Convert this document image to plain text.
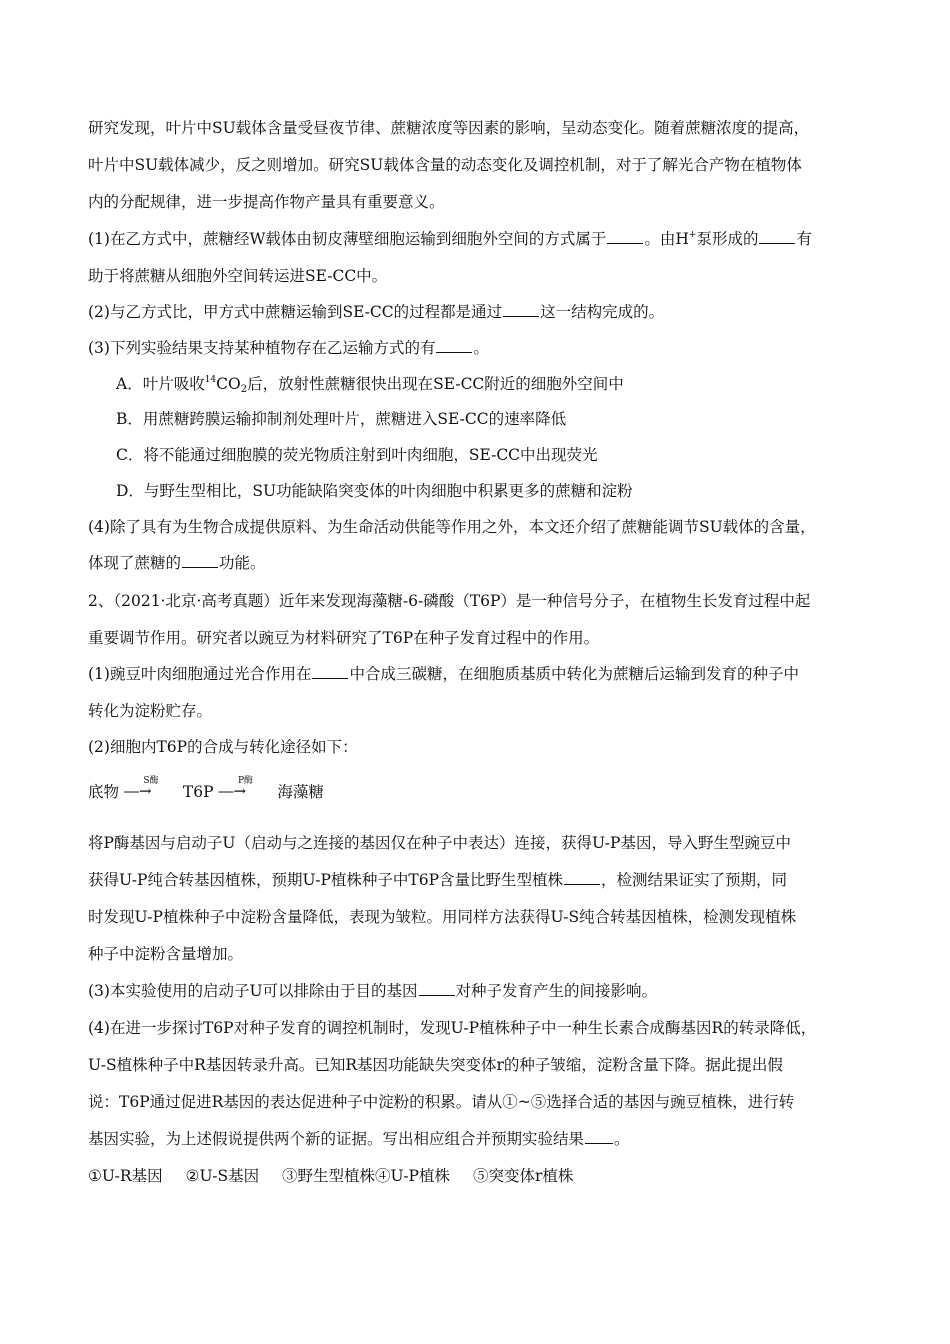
研究发现，叶片中SU载体含量受昼夜节律、蔗糖浓度等因素的影响，呈动态变化。随着蔗糖浓度的提高，
叶片中SU载体减少，反之则增加。研究SU载体含量的动态变化及调控机制，对于了解光合产物在植物体
内的分配规律，进一步提高作物产量具有重要意义。
(1)在乙方式中，蔗糖经W载体由韧皮薄壁细胞运输到细胞外空间的方式属于 。由H+泵形成的 有
助于将蔗糖从细胞外空间转运进SE-CC中。
(2)与乙方式比，甲方式中蔗糖运输到SE-CC的过程都是通过 这一结构完成的。
(3)下列实验结果支持某种植物存在乙运输方式的有 。
A．叶片吸收$^{14}CO_2$后，放射性蔗糖很快出现在SE-CC附近的细胞外空间中
B．用蔗糖跨膜运输抑制剂处理叶片，蔗糖进入SE-CC的速率降低
C．将不能通过细胞膜的荧光物质注射到叶肉细胞，SE-CC中出现荧光
D．与野生型相比，SU功能缺陷突变体的叶肉细胞中积累更多的蔗糖和淀粉
(4)除了具有为生物合成提供原料、为生命活动供能等作用之外，本文还介绍了蔗糖能调节SU载体的含量，
体现了蔗糖的 功能。
2、（2021·北京·高考真题）近年来发现海藻糖-6-磷酸（T6P）是一种信号分子，在植物生长发育过程中起
重要调节作用。研究者以豌豆为材料研究了T6P在种子发育过程中的作用。
(1)豌豆叶肉细胞通过光合作用在 中合成三碳糖，在细胞质基质中转化为蔗糖后运输到发育的种子中
转化为淀粉贮存。
(2)细胞内T6P的合成与转化途径如下：
底物
S酶
―→ T6P
P酶
―→ 海藻糖
将P酶基因与启动子U（启动与之连接的基因仅在种子中表达）连接，获得U-P基因，导入野生型豌豆中
获得U-P纯合转基因植株，预期U-P植株种子中T6P含量比野生型植株 ，检测结果证实了预期，同
时发现U-P植株种子中淀粉含量降低，表现为皱粒。用同样方法获得U-S纯合转基因植株，检测发现植株
种子中淀粉含量增加。
(3)本实验使用的启动子U可以排除由于目的基因 对种子发育产生的间接影响。
(4)在进一步探讨T6P对种子发育的调控机制时，发现U-P植株种子中一种生长素合成酶基因R的转录降低，
U-S植株种子中R基因转录升高。已知R基因功能缺失突变体r的种子皱缩，淀粉含量下降。据此提出假
说：T6P通过促进R基因的表达促进种子中淀粉的积累。请从①~⑤选择合适的基因与豌豆植株，进行转
基因实验，为上述假说提供两个新的证据。写出相应组合并预期实验结果 。
①U-R基因 ②U-S基因 ③野生型植株④U-P植株 ⑤突变体r植株
